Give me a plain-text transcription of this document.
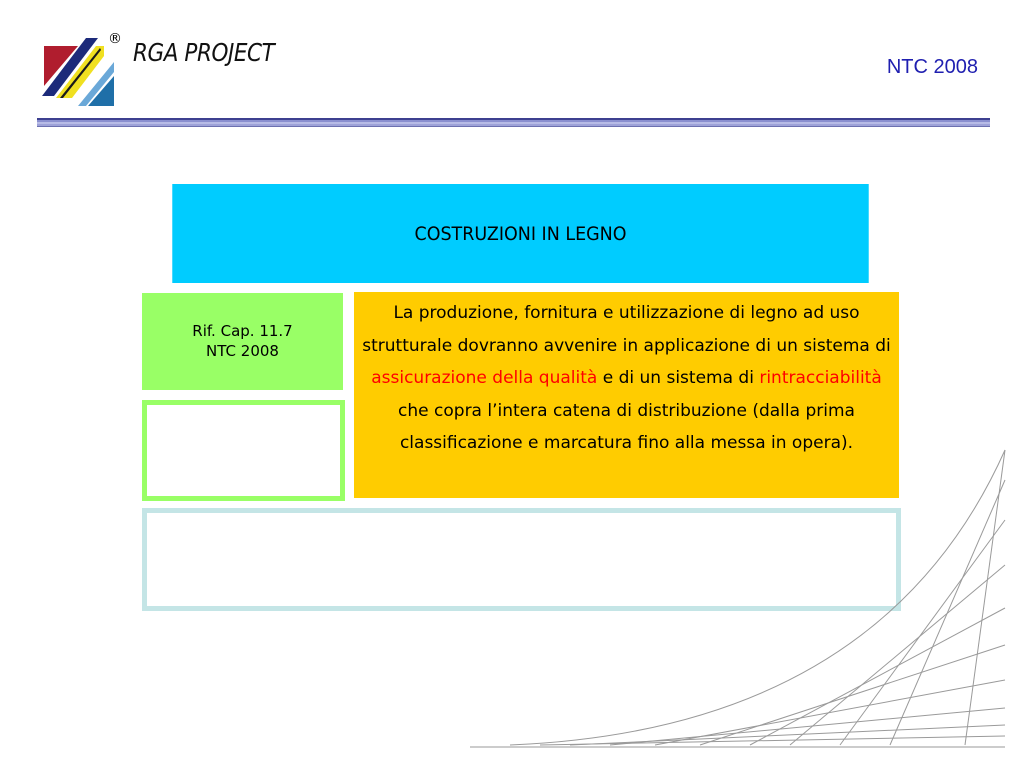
® RGA PROJECT	NTC 2008
COSTRUZIONI IN LEGNO
Rif. Cap. 11.7
NTC 2008
La produzione, fornitura e utilizzazione di legno ad uso strutturale dovranno avvenire in applicazione di un sistema di assicurazione della qualità e di un sistema di rintracciabilità che copra l’intera catena di distribuzione (dalla prima classificazione e marcatura fino alla messa in opera).
